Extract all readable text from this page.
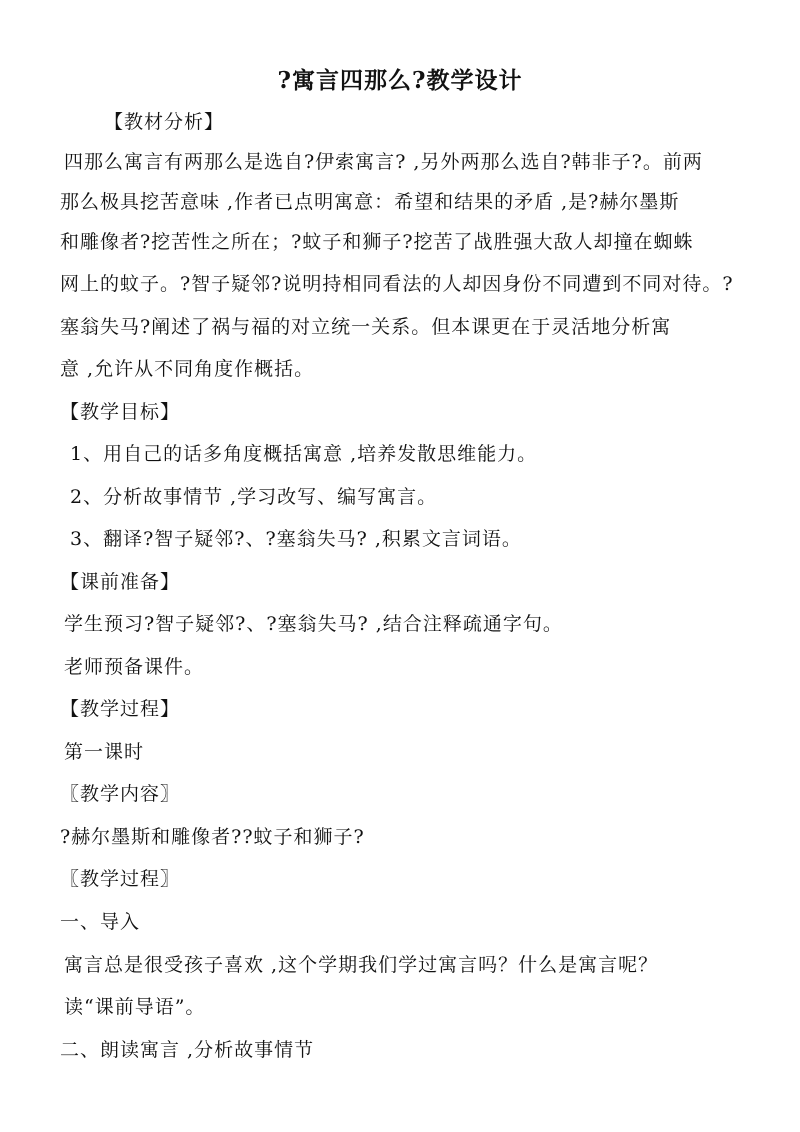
?寓言四那么?教学设计
【教材分析】
四那么寓言有两那么是选自?伊索寓言? ,另外两那么选自?韩非子?。前两
那么极具挖苦意味 ,作者已点明寓意：希望和结果的矛盾 ,是?赫尔墨斯
和雕像者?挖苦性之所在；?蚊子和狮子?挖苦了战胜强大敌人却撞在蜘蛛
网上的蚊子。?智子疑邻?说明持相同看法的人却因身份不同遭到不同对待。?
塞翁失马?阐述了祸与福的对立统一关系。但本课更在于灵活地分析寓
意 ,允许从不同角度作概括。
【教学目标】
1、用自己的话多角度概括寓意 ,培养发散思维能力。
2、分析故事情节 ,学习改写、编写寓言。
3、翻译?智子疑邻?、?塞翁失马? ,积累文言词语。
【课前准备】
学生预习?智子疑邻?、?塞翁失马? ,结合注释疏通字句。
老师预备课件。
【教学过程】
第一课时
〖教学内容〗
?赫尔墨斯和雕像者??蚊子和狮子?
〖教学过程〗
一、导入
寓言总是很受孩子喜欢 ,这个学期我们学过寓言吗？什么是寓言呢？
读“课前导语”。
二、朗读寓言 ,分析故事情节
